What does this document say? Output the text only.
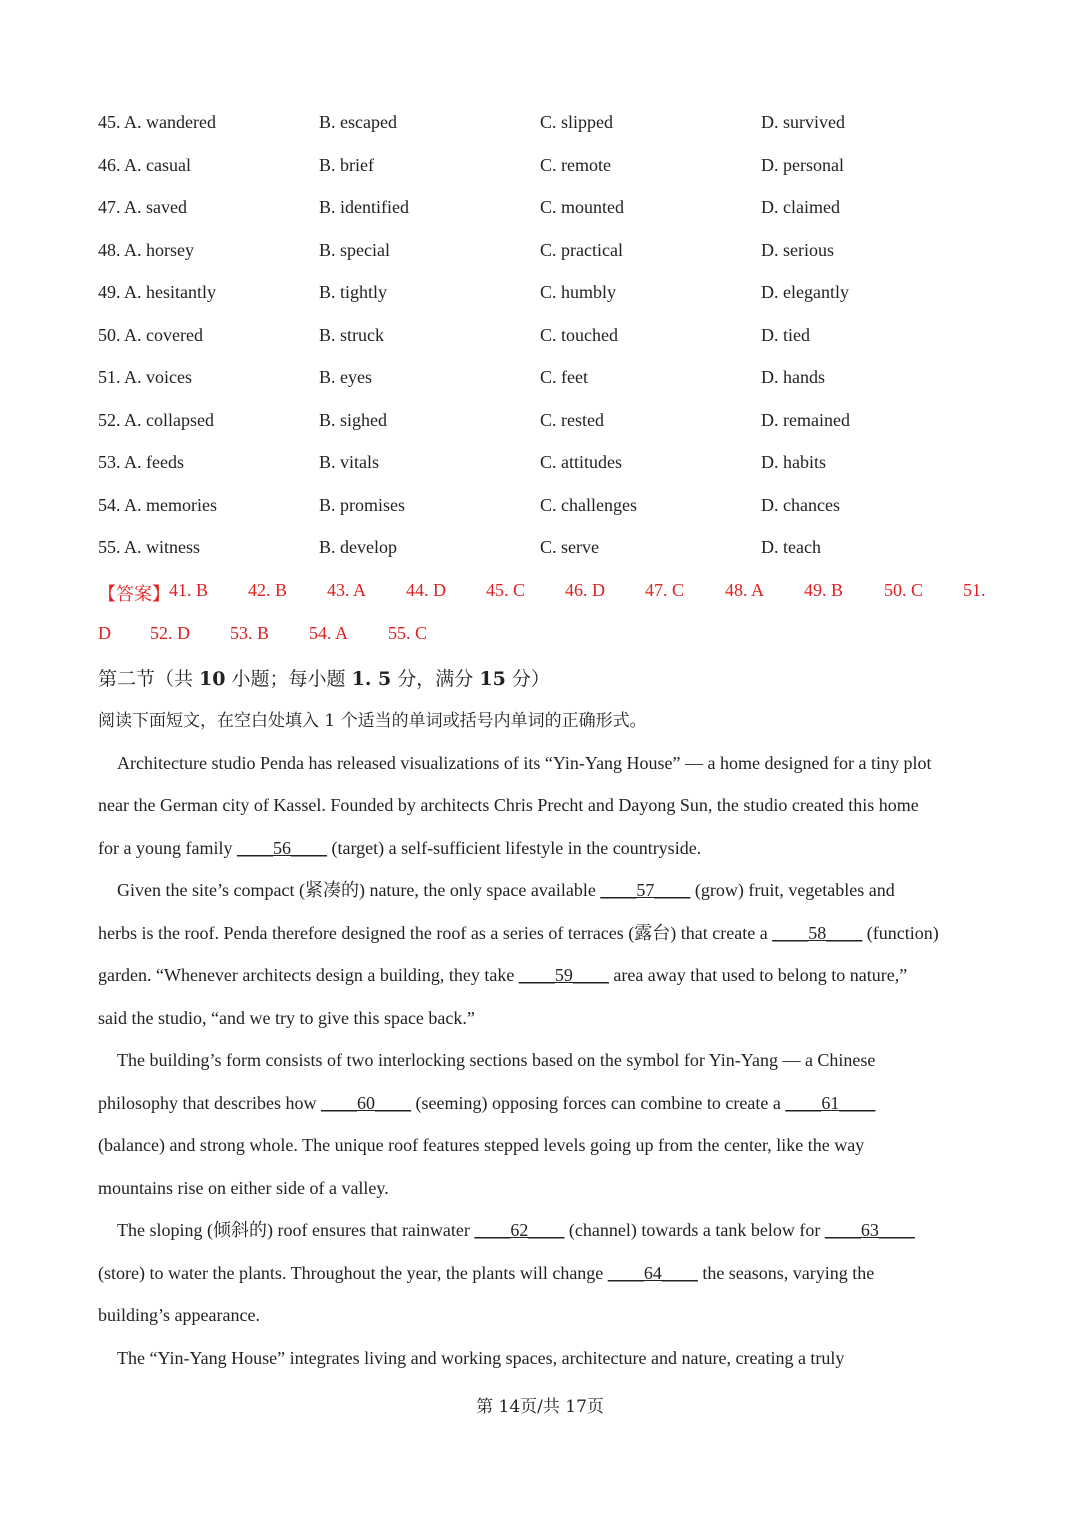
45. A. wandered	B. escaped	C. slipped	D. survived
46. A. casual	B. brief	C. remote	D. personal
47. A. saved	B. identified	C. mounted	D. claimed
48. A. horsey	B. special	C. practical	D. serious
49. A. hesitantly	B. tightly	C. humbly	D. elegantly
50. A. covered	B. struck	C. touched	D. tied
51. A. voices	B. eyes	C. feet	D. hands
52. A. collapsed	B. sighed	C. rested	D. remained
53. A. feeds	B. vitals	C. attitudes	D. habits
54. A. memories	B. promises	C. challenges	D. chances
55. A. witness	B. develop	C. serve	D. teach
【答案】 41. B 42. B 43. A 44. D 45. C 46. D 47. C 48. A 49. B 50. C 51.
D 52. D 53. B 54. A 55. C
第二节（共 10 小题；每小题 1. 5 分，满分 15 分）
阅读下面短文，在空白处填入 1 个适当的单词或括号内单词的正确形式。

Architecture studio Penda has released visualizations of its “Yin-Yang House” — a home designed for a tiny plot

near the German city of Kassel. Founded by architects Chris Precht and Dayong Sun, the studio created this home

for a young family ____56____ (target) a self-sufficient lifestyle in the countryside.

Given the site’s compact (紧凑的) nature, the only space available ____57____ (grow) fruit, vegetables and

herbs is the roof. Penda therefore designed the roof as a series of terraces (露台) that create a ____58____ (function)

garden. “Whenever architects design a building, they take ____59____ area away that used to belong to nature,”

said the studio, “and we try to give this space back.”

The building’s form consists of two interlocking sections based on the symbol for Yin-Yang — a Chinese

philosophy that describes how ____60____ (seeming) opposing forces can combine to create a ____61____

(balance) and strong whole. The unique roof features stepped levels going up from the center, like the way

mountains rise on either side of a valley.

The sloping (倾斜的) roof ensures that rainwater ____62____ (channel) towards a tank below for ____63____

(store) to water the plants. Throughout the year, the plants will change ____64____ the seasons, varying the

building’s appearance.

The “Yin-Yang House” integrates living and working spaces, architecture and nature, creating a truly

第 14页/共 17页
